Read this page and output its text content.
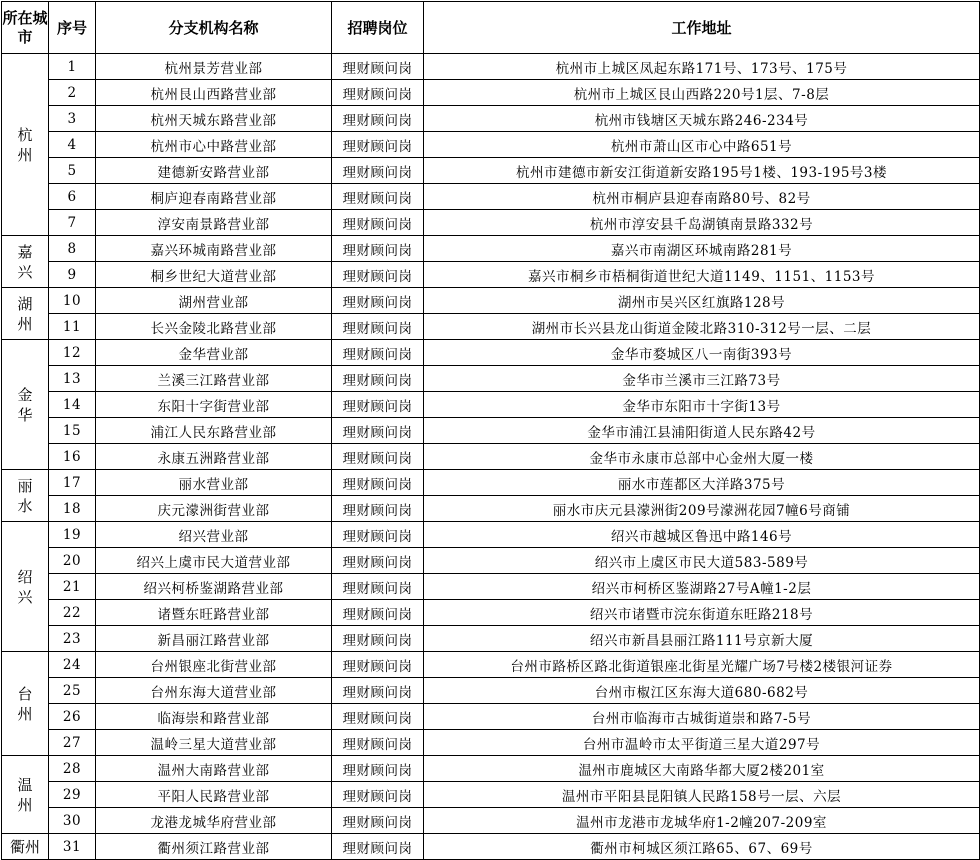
所在城市	序号	分支机构名称	招聘岗位	工作地址
杭州	1	杭州景芳营业部	理财顾问岗	杭州市上城区凤起东路171号、173号、175号
	2	杭州艮山西路营业部	理财顾问岗	杭州市上城区艮山西路220号1层、7-8层
	3	杭州天城东路营业部	理财顾问岗	杭州市钱塘区天城东路246-234号
	4	杭州市心中路营业部	理财顾问岗	杭州市萧山区市心中路651号
	5	建德新安路营业部	理财顾问岗	杭州市建德市新安江街道新安路195号1楼、193-195号3楼
	6	桐庐迎春南路营业部	理财顾问岗	杭州市桐庐县迎春南路80号、82号
	7	淳安南景路营业部	理财顾问岗	杭州市淳安县千岛湖镇南景路332号
嘉兴	8	嘉兴环城南路营业部	理财顾问岗	嘉兴市南湖区环城南路281号
	9	桐乡世纪大道营业部	理财顾问岗	嘉兴市桐乡市梧桐街道世纪大道1149、1151、1153号
湖州	10	湖州营业部	理财顾问岗	湖州市吴兴区红旗路128号
	11	长兴金陵北路营业部	理财顾问岗	湖州市长兴县龙山街道金陵北路310-312号一层、二层
金华	12	金华营业部	理财顾问岗	金华市婺城区八一南街393号
	13	兰溪三江路营业部	理财顾问岗	金华市兰溪市三江路73号
	14	东阳十字街营业部	理财顾问岗	金华市东阳市十字街13号
	15	浦江人民东路营业部	理财顾问岗	金华市浦江县浦阳街道人民东路42号
	16	永康五洲路营业部	理财顾问岗	金华市永康市总部中心金州大厦一楼
丽水	17	丽水营业部	理财顾问岗	丽水市莲都区大洋路375号
	18	庆元濛洲街营业部	理财顾问岗	丽水市庆元县濛洲街209号濛洲花园7幢6号商铺
绍兴	19	绍兴营业部	理财顾问岗	绍兴市越城区鲁迅中路146号
	20	绍兴上虞市民大道营业部	理财顾问岗	绍兴市上虞区市民大道583-589号
	21	绍兴柯桥鉴湖路营业部	理财顾问岗	绍兴市柯桥区鉴湖路27号A幢1-2层
	22	诸暨东旺路营业部	理财顾问岗	绍兴市诸暨市浣东街道东旺路218号
	23	新昌丽江路营业部	理财顾问岗	绍兴市新昌县丽江路111号京新大厦
台州	24	台州银座北街营业部	理财顾问岗	台州市路桥区路北街道银座北街星光耀广场7号楼2楼银河证券
	25	台州东海大道营业部	理财顾问岗	台州市椒江区东海大道680-682号
	26	临海崇和路营业部	理财顾问岗	台州市临海市古城街道崇和路7-5号
	27	温岭三星大道营业部	理财顾问岗	台州市温岭市太平街道三星大道297号
温州	28	温州大南路营业部	理财顾问岗	温州市鹿城区大南路华都大厦2楼201室
	29	平阳人民路营业部	理财顾问岗	温州市平阳县昆阳镇人民路158号一层、六层
	30	龙港龙城华府营业部	理财顾问岗	温州市龙港市龙城华府1-2幢207-209室
衢州	31	衢州须江路营业部	理财顾问岗	衢州市柯城区须江路65、67、69号
